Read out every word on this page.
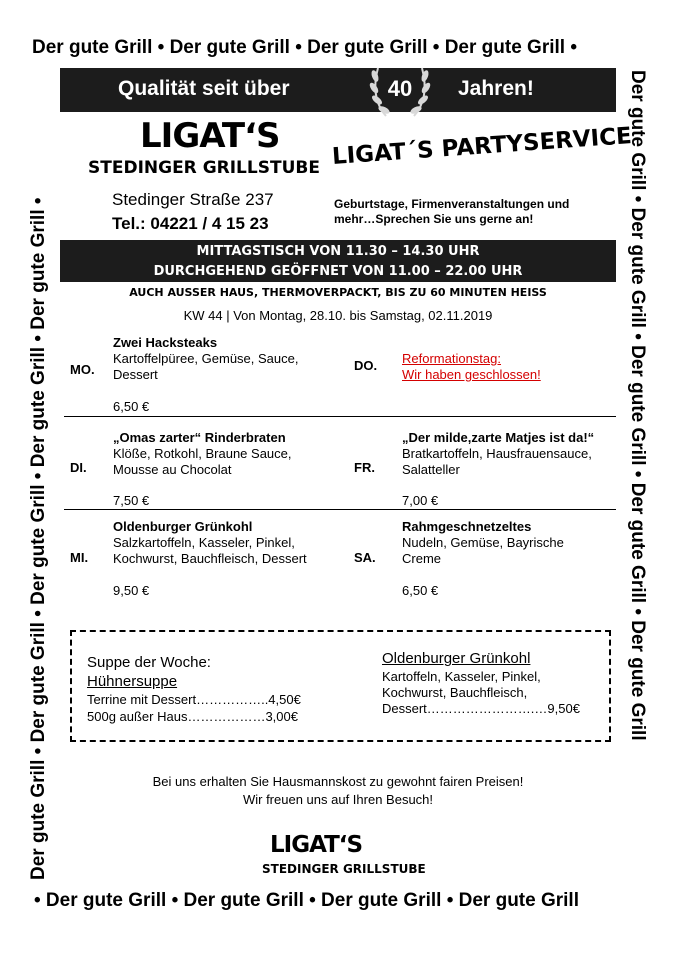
Der gute Grill • Der gute Grill • Der gute Grill • Der gute Grill •
Der gute Grill • Der gute Grill • Der gute Grill • Der gute Grill • Der gute Grill
• Der gute Grill • Der gute Grill • Der gute Grill • Der gute Grill
Der gute Grill • Der gute Grill • Der gute Grill • Der gute Grill • Der gute Grill •
Qualität seit über	40 Jahren!
LIGAT‘S
STEDINGER GRILLSTUBE
Stedinger Straße 237
Tel.: 04221 / 4 15 23
LIGAT´S PARTYSERVICE
Geburtstage, Firmenveranstaltungen und mehr…Sprechen Sie uns gerne an!
MITTAGSTISCH VON 11.30 – 14.30 UHR
DURCHGEHEND GEÖFFNET VON 11.00 – 22.00 UHR
AUCH AUSSER HAUS, THERMOVERPACKT, BIS ZU 60 MINUTEN HEISS
KW 44 | Von Montag, 28.10. bis Samstag, 02.11.2019
MO.
Zwei Hacksteaks
Kartoffelpüree, Gemüse, Sauce, Dessert
6,50 €
DO. Reformationstag:
Wir haben geschlossen!
DI.
„Omas zarter“ Rinderbraten
Klöße, Rotkohl, Braune Sauce, Mousse au Chocolat
7,50 €
FR.
„Der milde,zarte Matjes ist da!“
Bratkartoffeln, Hausfrauensauce, Salatteller
7,00 €
MI.
Oldenburger Grünkohl
Salzkartoffeln, Kasseler, Pinkel, Kochwurst, Bauchfleisch, Dessert
9,50 €
SA.
Rahmgeschnetzeltes
Nudeln, Gemüse, Bayrische Creme
6,50 €
Suppe der Woche:
Hühnersuppe
Terrine mit Dessert……………..4,50€
500g außer Haus………………3,00€
Oldenburger Grünkohl
Kartoffeln, Kasseler, Pinkel,
Kochwurst, Bauchfleisch,
Dessert…………………….…9,50€
Bei uns erhalten Sie Hausmannskost zu gewohnt fairen Preisen!
Wir freuen uns auf Ihren Besuch!
LIGAT‘S
STEDINGER GRILLSTUBE
